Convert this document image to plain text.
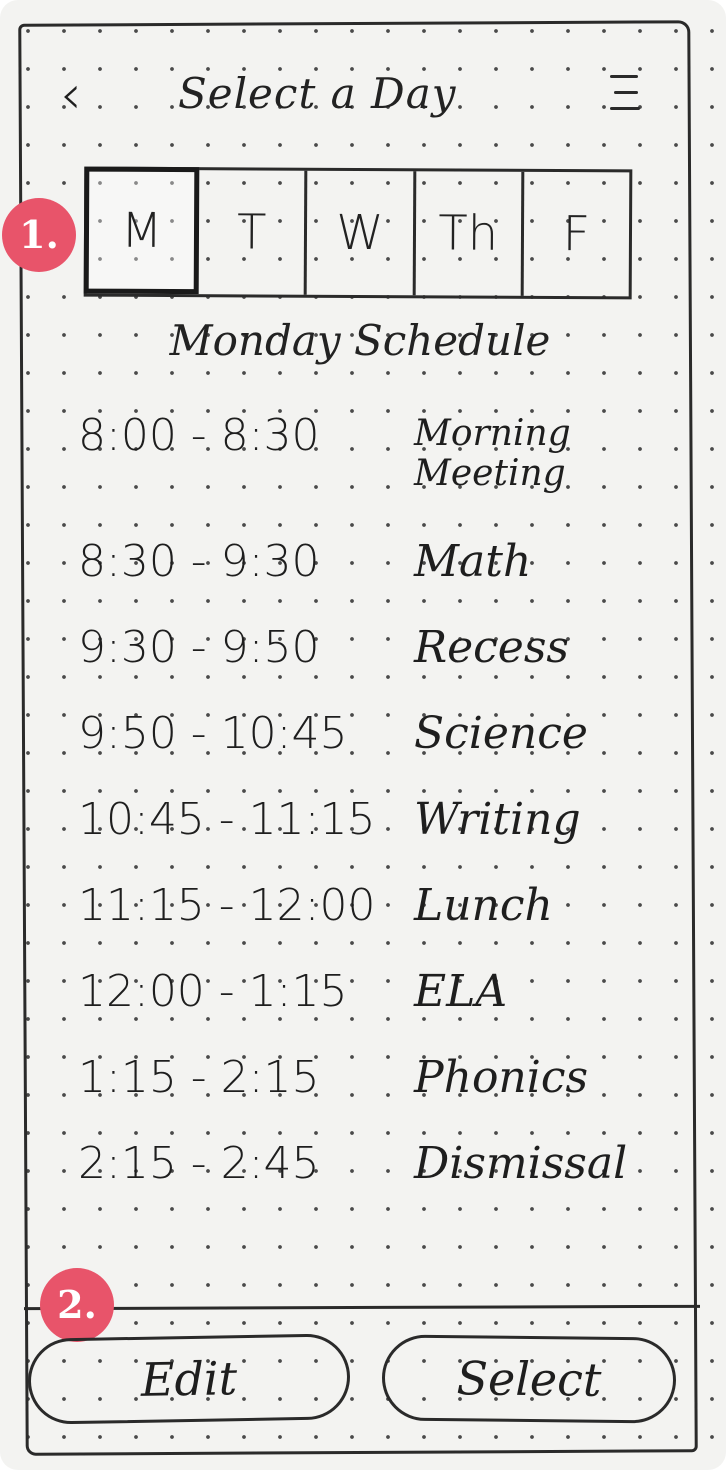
‹	Select a Day
1.	M	T	W	Th	F
Monday Schedule
8:00 - 8:30	Morning Meeting
8:30 - 9:30	Math
9:30 - 9:50	Recess
9:50 - 10:45	Science
10:45 - 11:15 Writing
11:15 - 12:00 Lunch
12:00 - 1:15	ELA
1:15 - 2:15	Phonics
2:15 - 2:45	Dismissal
2.
Edit	Select
